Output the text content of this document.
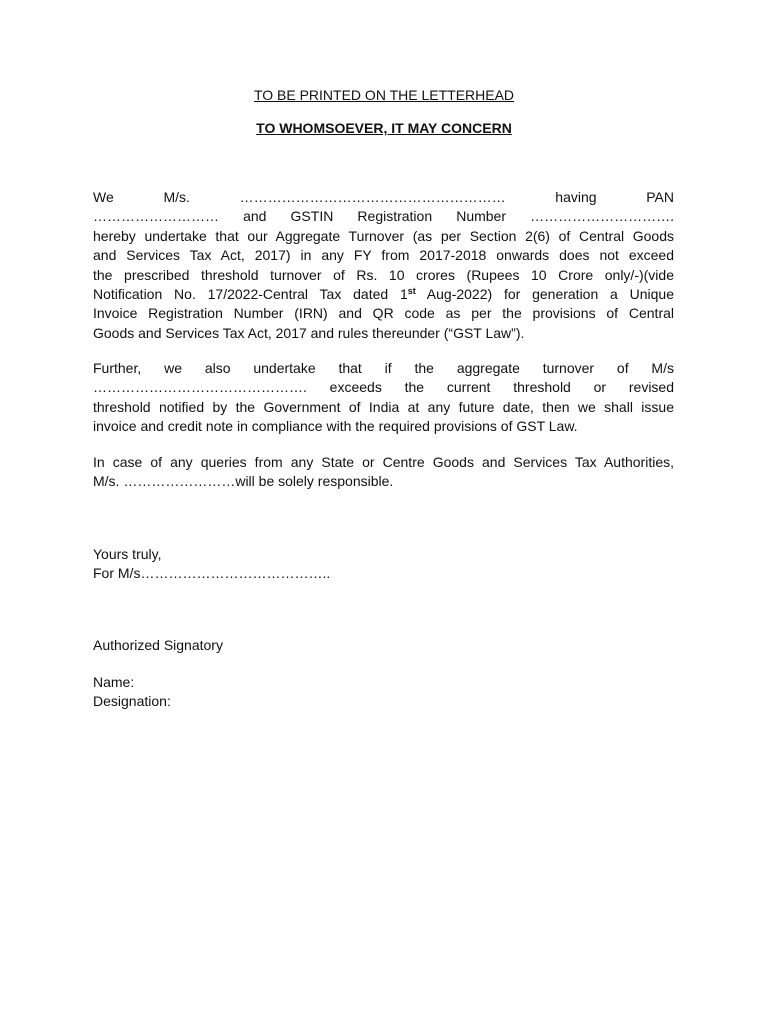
TO BE PRINTED ON THE LETTERHEAD
TO WHOMSOEVER, IT MAY CONCERN
We M/s. ………………………………………………… having PAN
……………………… and GSTIN Registration Number ………………………….
hereby undertake that our Aggregate Turnover (as per Section 2(6) of Central Goods
and Services Tax Act, 2017) in any FY from 2017-2018 onwards does not exceed
the prescribed threshold turnover of Rs. 10 crores (Rupees 10 Crore only/-)(vide
Notification No. 17/2022-Central Tax dated 1st Aug-2022) for generation a Unique
Invoice Registration Number (IRN) and QR code as per the provisions of Central
Goods and Services Tax Act, 2017 and rules thereunder (“GST Law”).
Further, we also undertake that if the aggregate turnover of M/s
………………………………………. exceeds the current threshold or revised
threshold notified by the Government of India at any future date, then we shall issue
invoice and credit note in compliance with the required provisions of GST Law.
In case of any queries from any State or Centre Goods and Services Tax Authorities,
M/s. ……………………will be solely responsible.
Yours truly,
For M/s…………………………………..
Authorized Signatory
Name:
Designation:
